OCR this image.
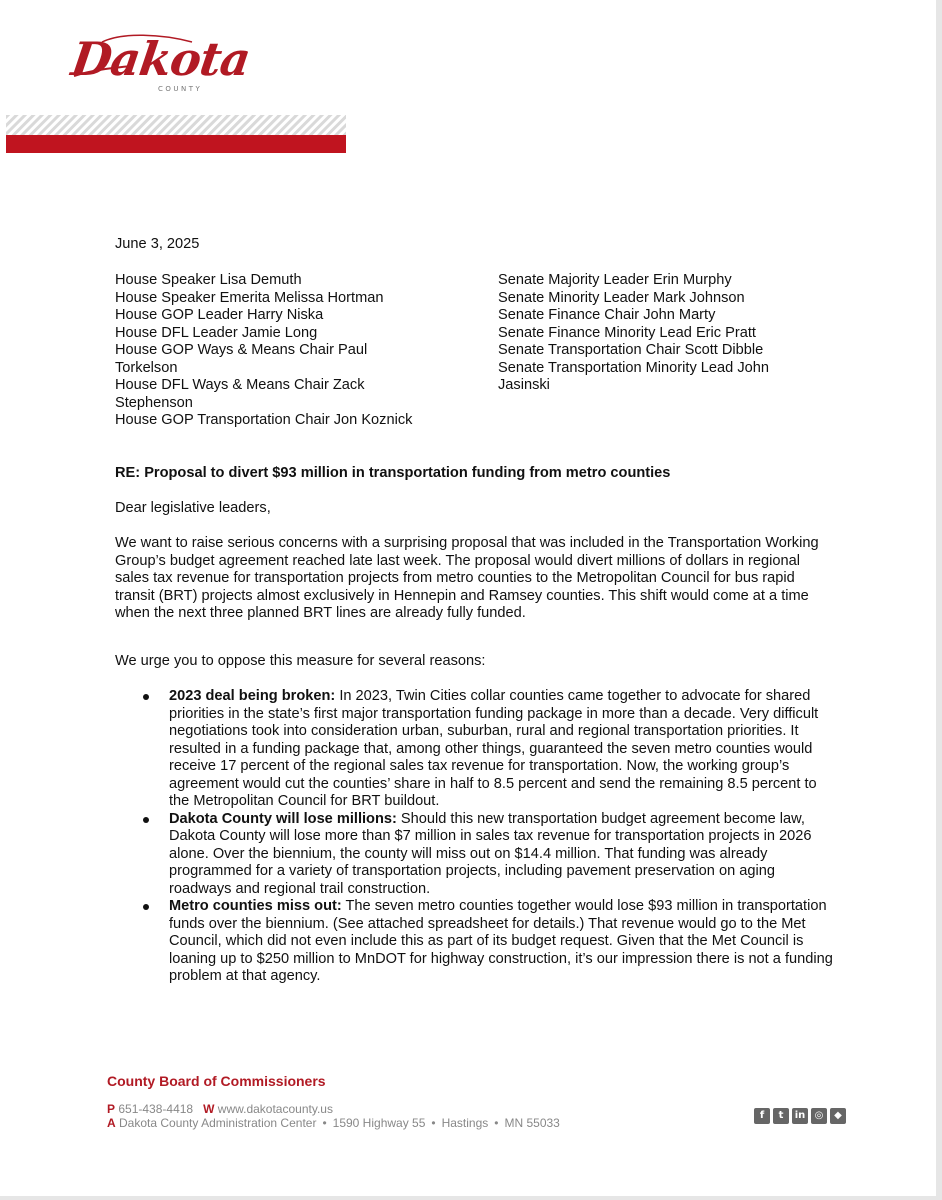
Dakota
COUNTY
June 3, 2025
House Speaker Lisa Demuth
House Speaker Emerita Melissa Hortman
House GOP Leader Harry Niska
House DFL Leader Jamie Long
House GOP Ways & Means Chair Paul
Torkelson
House DFL Ways & Means Chair Zack
Stephenson
House GOP Transportation Chair Jon Koznick
Senate Majority Leader Erin Murphy
Senate Minority Leader Mark Johnson
Senate Finance Chair John Marty
Senate Finance Minority Lead Eric Pratt
Senate Transportation Chair Scott Dibble
Senate Transportation Minority Lead John
Jasinski
RE: Proposal to divert $93 million in transportation funding from metro counties
Dear legislative leaders,
We want to raise serious concerns with a surprising proposal that was included in the Transportation Working Group’s budget agreement reached late last week. The proposal would divert millions of dollars in regional sales tax revenue for transportation projects from metro counties to the Metropolitan Council for bus rapid transit (BRT) projects almost exclusively in Hennepin and Ramsey counties. This shift would come at a time when the next three planned BRT lines are already fully funded.
We urge you to oppose this measure for several reasons:
2023 deal being broken: In 2023, Twin Cities collar counties came together to advocate for shared priorities in the state’s first major transportation funding package in more than a decade. Very difficult negotiations took into consideration urban, suburban, rural and regional transportation priorities. It resulted in a funding package that, among other things, guaranteed the seven metro counties would receive 17 percent of the regional sales tax revenue for transportation. Now, the working group’s agreement would cut the counties’ share in half to 8.5 percent and send the remaining 8.5 percent to the Metropolitan Council for BRT buildout.
Dakota County will lose millions: Should this new transportation budget agreement become law, Dakota County will lose more than $7 million in sales tax revenue for transportation projects in 2026 alone. Over the biennium, the county will miss out on $14.4 million. That funding was already programmed for a variety of transportation projects, including pavement preservation on aging roadways and regional trail construction.
Metro counties miss out: The seven metro counties together would lose $93 million in transportation funds over the biennium. (See attached spreadsheet for details.) That revenue would go to the Met Council, which did not even include this as part of its budget request. Given that the Met Council is loaning up to $250 million to MnDOT for highway construction, it’s our impression there is not a funding problem at that agency.
County Board of Commissioners
P 651-438-4418 W www.dakotacounty.us
A Dakota County Administration Center • 1590 Highway 55 • Hastings • MN 55033
f	t	in ◎	◆
